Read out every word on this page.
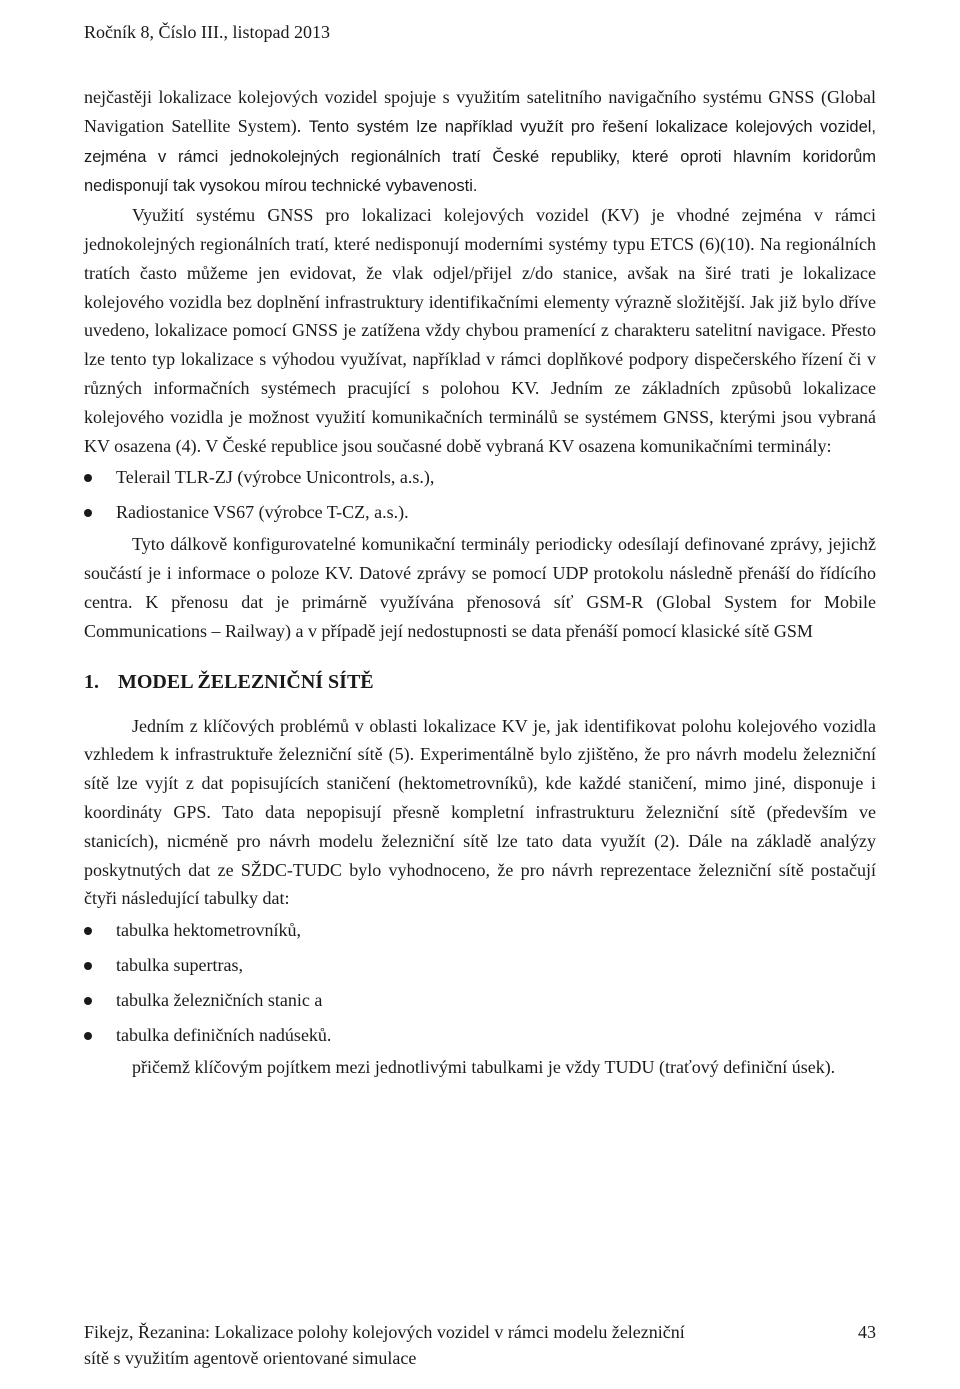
Ročník 8, Číslo III., listopad 2013

nejčastěji lokalizace kolejových vozidel spojuje s využitím satelitního navigačního systému GNSS (Global Navigation Satellite System). Tento systém lze například využít pro řešení lokalizace kolejových vozidel, zejména v rámci jednokolejných regionálních tratí České republiky, které oproti hlavním koridorům nedisponují tak vysokou mírou technické vybavenosti.

Využití systému GNSS pro lokalizaci kolejových vozidel (KV) je vhodné zejména v rámci jednokolejných regionálních tratí, které nedisponují moderními systémy typu ETCS (6)(10). Na regionálních tratích často můžeme jen evidovat, že vlak odjel/přijel z/do stanice, avšak na širé trati je lokalizace kolejového vozidla bez doplnění infrastruktury identifikačními elementy výrazně složitější. Jak již bylo dříve uvedeno, lokalizace pomocí GNSS je zatížena vždy chybou pramenící z charakteru satelitní navigace. Přesto lze tento typ lokalizace s výhodou využívat, například v rámci doplňkové podpory dispečerského řízení či v různých informačních systémech pracující s polohou KV. Jedním ze základních způsobů lokalizace kolejového vozidla je možnost využití komunikačních terminálů se systémem GNSS, kterými jsou vybraná KV osazena (4). V České republice jsou současné době vybraná KV osazena komunikačními terminály:

Telerail TLR-ZJ (výrobce Unicontrols, a.s.),
Radiostanice VS67 (výrobce T-CZ, a.s.).

Tyto dálkově konfigurovatelné komunikační terminály periodicky odesílají definované zprávy, jejichž součástí je i informace o poloze KV. Datové zprávy se pomocí UDP protokolu následně přenáší do řídícího centra. K přenosu dat je primárně využívána přenosová síť GSM-R (Global System for Mobile Communications – Railway) a v případě její nedostupnosti se data přenáší pomocí klasické sítě GSM

1. MODEL ŽELEZNIČNÍ SÍTĚ

Jedním z klíčových problémů v oblasti lokalizace KV je, jak identifikovat polohu kolejového vozidla vzhledem k infrastruktuře železniční sítě (5). Experimentálně bylo zjištěno, že pro návrh modelu železniční sítě lze vyjít z dat popisujících staničení (hektometrovníků), kde každé staničení, mimo jiné, disponuje i koordináty GPS. Tato data nepopisují přesně kompletní infrastrukturu železniční sítě (především ve stanicích), nicméně pro návrh modelu železniční sítě lze tato data využít (2). Dále na základě analýzy poskytnutých dat ze SŽDC-TUDC bylo vyhodnoceno, že pro návrh reprezentace železniční sítě postačují čtyři následující tabulky dat:

tabulka hektometrovníků,
tabulka supertras,
tabulka železničních stanic a
tabulka definičních nadúseků.

přičemž klíčovým pojítkem mezi jednotlivými tabulkami je vždy TUDU (traťový definiční úsek).

Fikejz, Řezanina: Lokalizace polohy kolejových vozidel v rámci modelu železniční
sítě s využitím agentově orientované simulace
43
